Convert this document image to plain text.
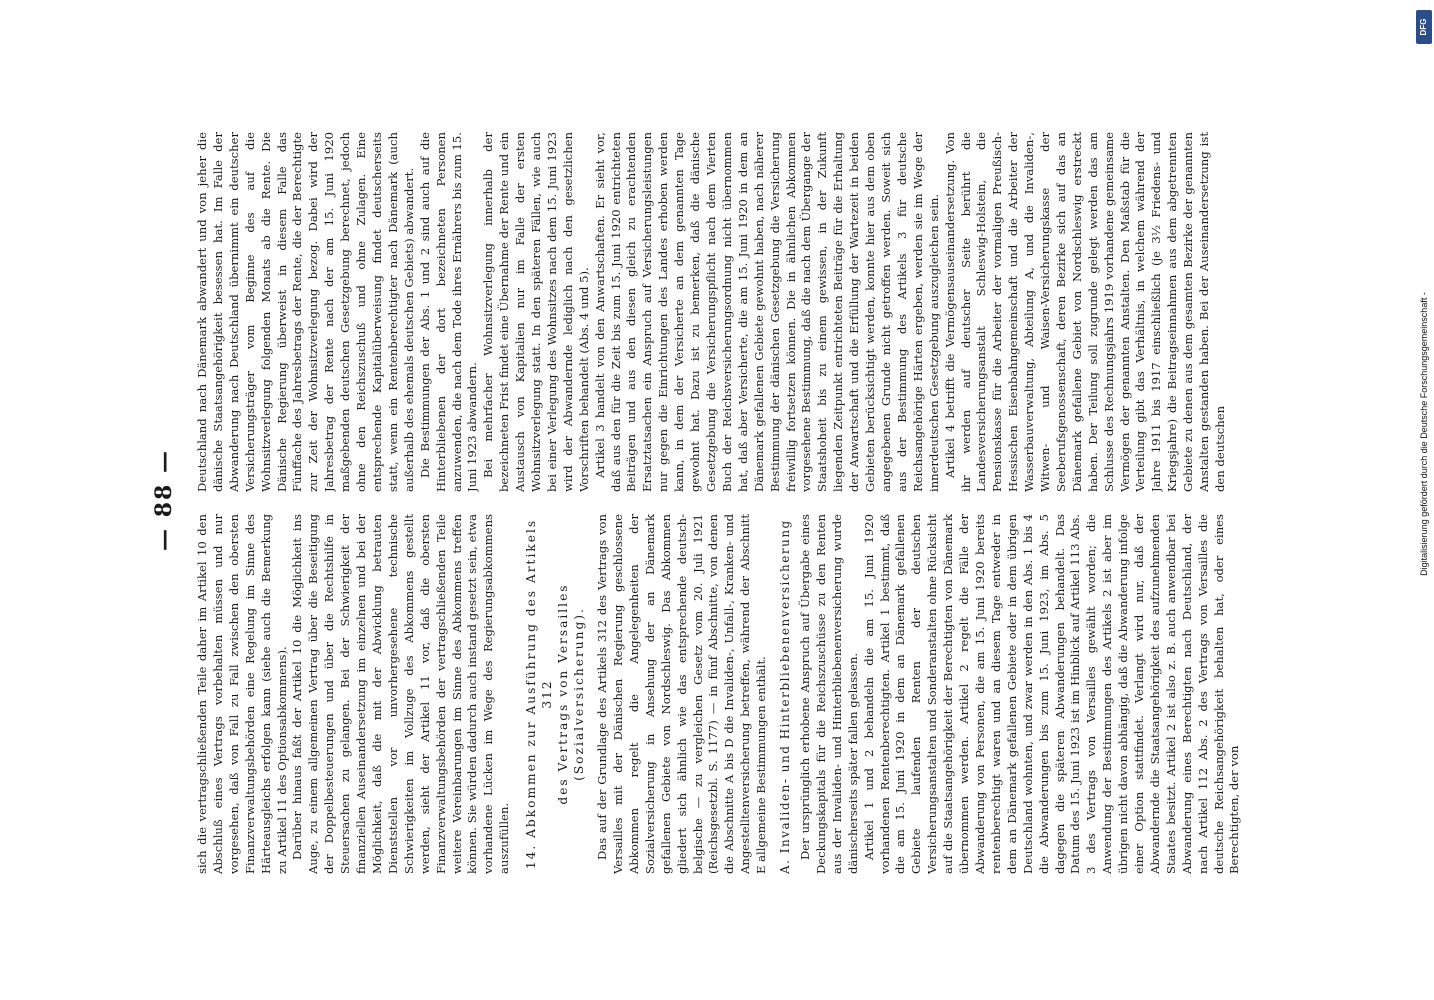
— 88 —

sich die vertragschließenden Teile daher im Artikel 10 den Abschluß eines Vertrags vorbehalten müssen und nur vorgesehen, daß von Fall zu Fall zwischen den obersten Finanzverwaltungsbehörden eine Regelung im Sinne des Härteausgleichs erfolgen kann (siehe auch die Bemerkung zu Artikel 11 des Optionsabkommens). Darüber hinaus faßt der Artikel 10 die Möglichkeit ins Auge, zu einem allgemeinen Vertrag über die Beseitigung der Doppelbesteuerungen und über die Rechtshilfe in Steuersachen zu gelangen. Bei der Schwierigkeit der finanziellen Auseinandersetzung im einzelnen und bei der Möglichkeit, daß die mit der Abwicklung betrauten Dienststellen vor unvorhergesehene technische Schwierigkeiten im Vollzuge des Abkommens gestellt werden, sieht der Artikel 11 vor, daß die obersten Finanzverwaltungsbehörden der vertragschließenden Teile weitere Vereinbarungen im Sinne des Abkommens treffen können. Sie würden dadurch auch instand gesetzt sein, etwa vorhandene Lücken im Wege des Regierungsabkommens auszufüllen. 14. Abkommen zur Ausführung des Artikels 312 des Vertrags von Versailles (Sozialversicherung). Das auf der Grundlage des Artikels 312 des Vertrags von Versailles mit der Dänischen Regierung geschlossene Abkommen regelt die Angelegenheiten der Sozialversicherung in Ansehung der an Dänemark gefallenen Gebiete von Nordschleswig. Das Abkommen gliedert sich ähnlich wie das entsprechende deutsch-belgische — zu vergleichen Gesetz vom 20. Juli 1921 (Reichsgesetzbl. S. 1177) — in fünf Abschnitte, von denen die Abschnitte A bis D die Invaliden-, Unfall-, Kranken- und Angestelltenversicherung betreffen, während der Abschnitt E allgemeine Bestimmungen enthält. A. Invaliden- und Hinterbliebenenversicherung Der ursprünglich erhobene Anspruch auf Übergabe eines Deckungskapitals für die Reichszuschüsse zu den Renten aus der Invaliden- und Hinterbliebenenversicherung wurde dänischerseits später fallen gelassen. Artikel 1 und 2 behandeln die am 15. Juni 1920 vorhandenen Rentenberechtigten. Artikel 1 bestimmt, daß die am 15. Juni 1920 in dem an Dänemark gefallenen Gebiete laufenden Renten der deutschen Versicherungsanstalten und Sonderanstalten ohne Rücksicht auf die Staatsangehörigkeit der Berechtigten von Dänemark übernommen werden. Artikel 2 regelt die Fälle der Abwanderung von Personen, die am 15. Juni 1920 bereits rentenberechtigt waren und an diesem Tage entweder in dem an Dänemark gefallenen Gebiete oder in dem übrigen Deutschland wohnten, und zwar werden in den Abs. 1 bis 4 die Abwanderungen bis zum 15. Juni 1923, im Abs. 5 dagegen die späteren Abwanderungen behandelt. Das Datum des 15. Juni 1923 ist im Hinblick auf Artikel 113 Abs. 3 des Vertrags von Versailles gewählt worden; die Anwendung der Bestimmungen des Artikels 2 ist aber im übrigen nicht davon abhängig, daß die Abwanderung infolge einer Option stattfindet. Verlangt wird nur, daß der Abwandernde die Staatsangehörigkeit des aufzunehmenden Staates besitzt. Artikel 2 ist also z. B. auch anwendbar bei Abwanderung eines Berechtigten nach Deutschland, der nach Artikel 112 Abs. 2 des Vertrags von Versailles die deutsche Reichsangehörigkeit behalten hat, oder eines Berechtigten, der von

Deutschland nach Dänemark abwandert und von jeher die dänische Staatsangehörigkeit besessen hat. Im Falle der Abwanderung nach Deutschland übernimmt ein deutscher Versicherungsträger vom Beginne des auf die Wohnsitzverlegung folgenden Monats ab die Rente. Die Dänische Regierung überweist in diesem Falle das Fünffache des Jahresbetrags der Rente, die der Berechtigte zur Zeit der Wohnsitzverlegung bezog. Dabei wird der Jahresbetrag der Rente nach der am 15. Juni 1920 maßgebenden deutschen Gesetzgebung berechnet, jedoch ohne den Reichszuschuß und ohne Zulagen. Eine entsprechende Kapitalüberweisung findet deutscherseits statt, wenn ein Rentenberechtigter nach Dänemark (auch außerhalb des ehemals deutschen Gebiets) abwandert. Die Bestimmungen der Abs. 1 und 2 sind auch auf die Hinterbliebenen der dort bezeichneten Personen anzuwenden, die nach dem Tode ihres Ernährers bis zum 15. Juni 1923 abwandern. Bei mehrfacher Wohnsitzverlegung innerhalb der bezeichneten Frist findet eine Übernahme der Rente und ein Austausch von Kapitalien nur im Falle der ersten Wohnsitzverlegung statt. In den späteren Fällen, wie auch bei einer Verlegung des Wohnsitzes nach dem 15. Juni 1923 wird der Abwandernde lediglich nach den gesetzlichen Vorschriften behandelt (Abs. 4 und 5). Artikel 3 handelt von den Anwartschaften. Er sieht vor, daß aus den für die Zeit bis zum 15. Juni 1920 entrichteten Beiträgen und aus den diesen gleich zu erachtenden Ersatztatsachen ein Anspruch auf Versicherungsleistungen nur gegen die Einrichtungen des Landes erhoben werden kann, in dem der Versicherte an dem genannten Tage gewohnt hat. Dazu ist zu bemerken, daß die dänische Gesetzgebung die Versicherungspflicht nach dem Vierten Buch der Reichsversicherungsordnung nicht übernommen hat, daß aber Versicherte, die am 15. Juni 1920 in dem an Dänemark gefallenen Gebiete gewohnt haben, nach näherer Bestimmung der dänischen Gesetzgebung die Versicherung freiwillig fortsetzen können. Die in ähnlichen Abkommen vorgesehene Bestimmung, daß die nach dem Übergange der Staatshoheit bis zu einem gewissen, in der Zukunft liegenden Zeitpunkt entrichteten Beiträge für die Erhaltung der Anwartschaft und die Erfüllung der Wartezeit in beiden Gebieten berücksichtigt werden, konnte hier aus dem oben angegebenen Grunde nicht getroffen werden. Soweit sich aus der Bestimmung des Artikels 3 für deutsche Reichsangehörige Härten ergeben, werden sie im Wege der innerdeutschen Gesetzgebung auszugleichen sein. Artikel 4 betrifft die Vermögensauseinandersetzung. Von ihr werden auf deutscher Seite berührt die Landesversicherungsanstalt Schleswig-Holstein, die Pensionskasse für die Arbeiter der vormaligen Preußisch-Hessischen Eisenbahngemeinschaft und die Arbeiter der Wasserbauverwaltung, Abteilung A, und die Invaliden-, Witwen- und Waisen-Versicherungskasse der Seeberufsgenossenschaft, deren Bezirke sich auf das an Dänemark gefallene Gebiet von Nordschleswig erstreckt haben. Der Teilung soll zugrunde gelegt werden das am Schlusse des Rechnungsjahrs 1919 vorhandene gemeinsame Vermögen der genannten Anstalten. Den Maßstab für die Verteilung gibt das Verhältnis, in welchem während der Jahre 1911 bis 1917 einschließlich (je 3½ Friedens- und Kriegsjahre) die Beitragseinnahmen aus dem abgetrennten Gebiete zu denen aus dem gesamten Bezirke der genannten Anstalten gestanden haben. Bei der Auseinandersetzung ist den deutschen

DFG
Digitalisierung gefördert durch die Deutsche Forschungsgemeinschaft -
